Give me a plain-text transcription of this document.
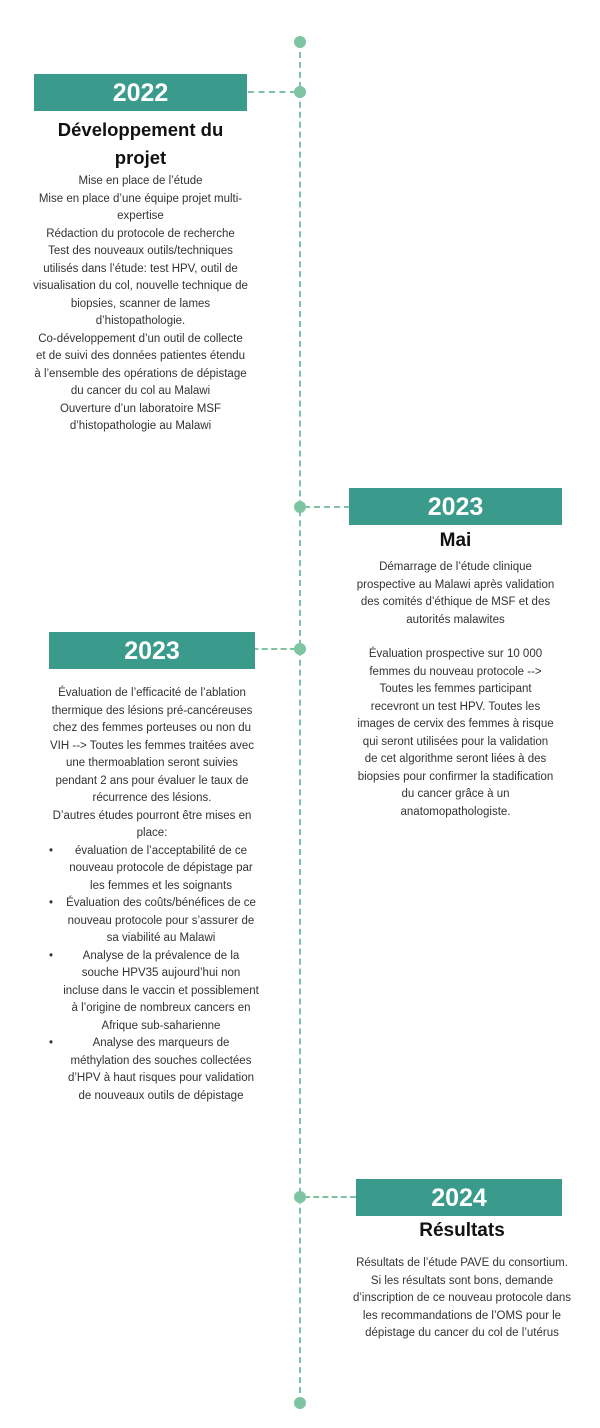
2022
Développement du projet
Mise en place de l’étude
Mise en place d’une équipe projet multi-expertise
Rédaction du protocole de recherche
Test des nouveaux outils/techniques utilisés dans l’étude: test HPV, outil de visualisation du col, nouvelle technique de biopsies, scanner de lames d’histopathologie.
Co-développement d’un outil de collecte et de suivi des données patientes étendu à l’ensemble des opérations de dépistage du cancer du col au Malawi
Ouverture d’un laboratoire MSF d’histopathologie au Malawi
2023
Mai
Démarrage de l’étude clinique prospective au Malawi après validation des comités d’éthique de MSF et des autorités malawites
Évaluation prospective sur 10 000 femmes du nouveau protocole --> Toutes les femmes participant recevront un test HPV. Toutes les images de cervix des femmes à risque qui seront utilisées pour la validation de cet algorithme seront liées à des biopsies pour confirmer la stadification du cancer grâce à un anatomopathologiste.
2023
Évaluation de l’efficacité de l’ablation thermique des lésions pré-cancéreuses chez des femmes porteuses ou non du VIH --> Toutes les femmes traitées avec une thermoablation seront suivies pendant 2 ans pour évaluer le taux de récurrence des lésions.
D’autres études pourront être mises en place:
• évaluation de l’acceptabilité de ce nouveau protocole de dépistage par les femmes et les soignants
• Évaluation des coûts/bénéfices de ce nouveau protocole pour s’assurer de sa viabilité au Malawi
• Analyse de la prévalence de la souche HPV35 aujourd’hui non incluse dans le vaccin et possiblement à l’origine de nombreux cancers en Afrique sub-saharienne
• Analyse des marqueurs de méthylation des souches collectées d’HPV à haut risques pour validation de nouveaux outils de dépistage
2024
Résultats
Résultats de l’étude PAVE du consortium. Si les résultats sont bons, demande d’inscription de ce nouveau protocole dans les recommandations de l’OMS pour le dépistage du cancer du col de l’utérus
